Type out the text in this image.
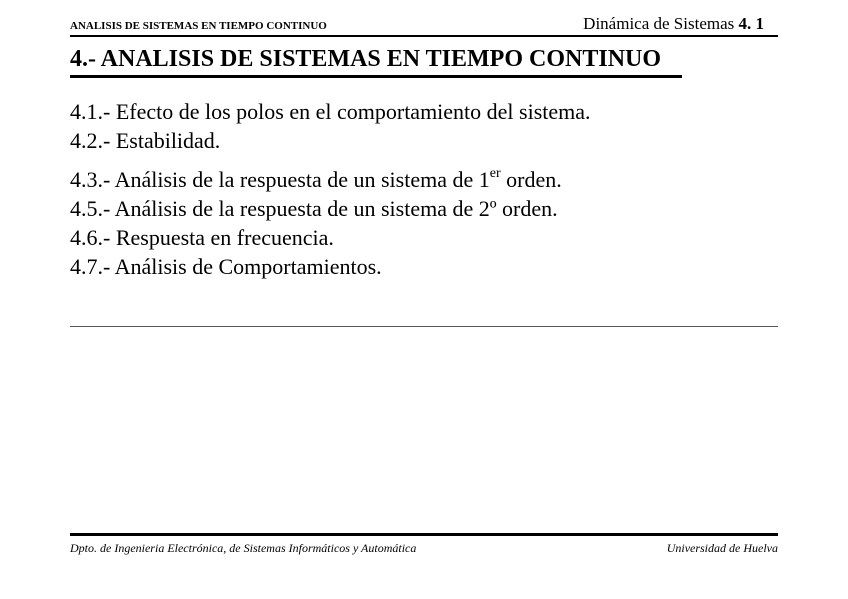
ANALISIS DE SISTEMAS EN TIEMPO CONTINUO	Dinámica de Sistemas 4. 1
4.- ANALISIS DE SISTEMAS EN TIEMPO CONTINUO
4.1.- Efecto de los polos en el comportamiento del sistema.
4.2.- Estabilidad.
4.3.- Análisis de la respuesta de un sistema de 1er orden.
4.5.- Análisis de la respuesta de un sistema de 2º orden.
4.6.- Respuesta en frecuencia.
4.7.- Análisis de Comportamientos.
Dpto. de Ingenieria Electrónica, de Sistemas Informáticos y Automática	Universidad de Huelva
